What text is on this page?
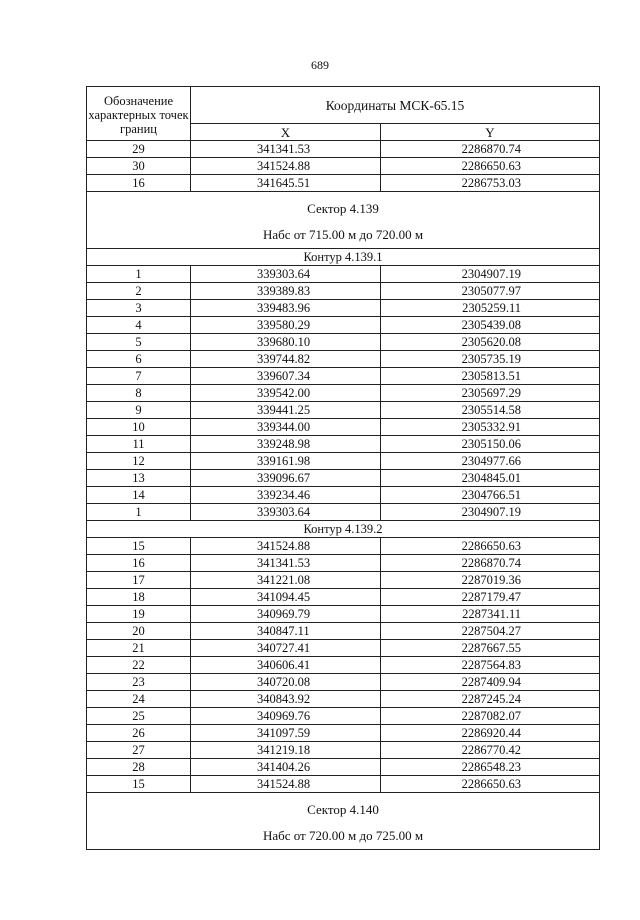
689
Обозначение характерных точек границ	Координаты МСК-65.15	
	X	Y
29	341341.53	2286870.74
30	341524.88	2286650.63
16	341645.51	2286753.03

Сектор 4.139
Набс от 715.00 м до 720.00 м		

Контур 4.139.1		
1	339303.64	2304907.19
2	339389.83	2305077.97
3	339483.96	2305259.11
4	339580.29	2305439.08
5	339680.10	2305620.08
6	339744.82	2305735.19
7	339607.34	2305813.51
8	339542.00	2305697.29
9	339441.25	2305514.58
10	339344.00	2305332.91
11	339248.98	2305150.06
12	339161.98	2304977.66
13	339096.67	2304845.01
14	339234.46	2304766.51
1	339303.64	2304907.19
Контур 4.139.2		
15	341524.88	2286650.63
16	341341.53	2286870.74
17	341221.08	2287019.36
18	341094.45	2287179.47
19	340969.79	2287341.11
20	340847.11	2287504.27
21	340727.41	2287667.55
22	340606.41	2287564.83
23	340720.08	2287409.94
24	340843.92	2287245.24
25	340969.76	2287082.07
26	341097.59	2286920.44
27	341219.18	2286770.42
28	341404.26	2286548.23
15	341524.88	2286650.63

Сектор 4.140
Набс от 720.00 м до 725.00 м		
